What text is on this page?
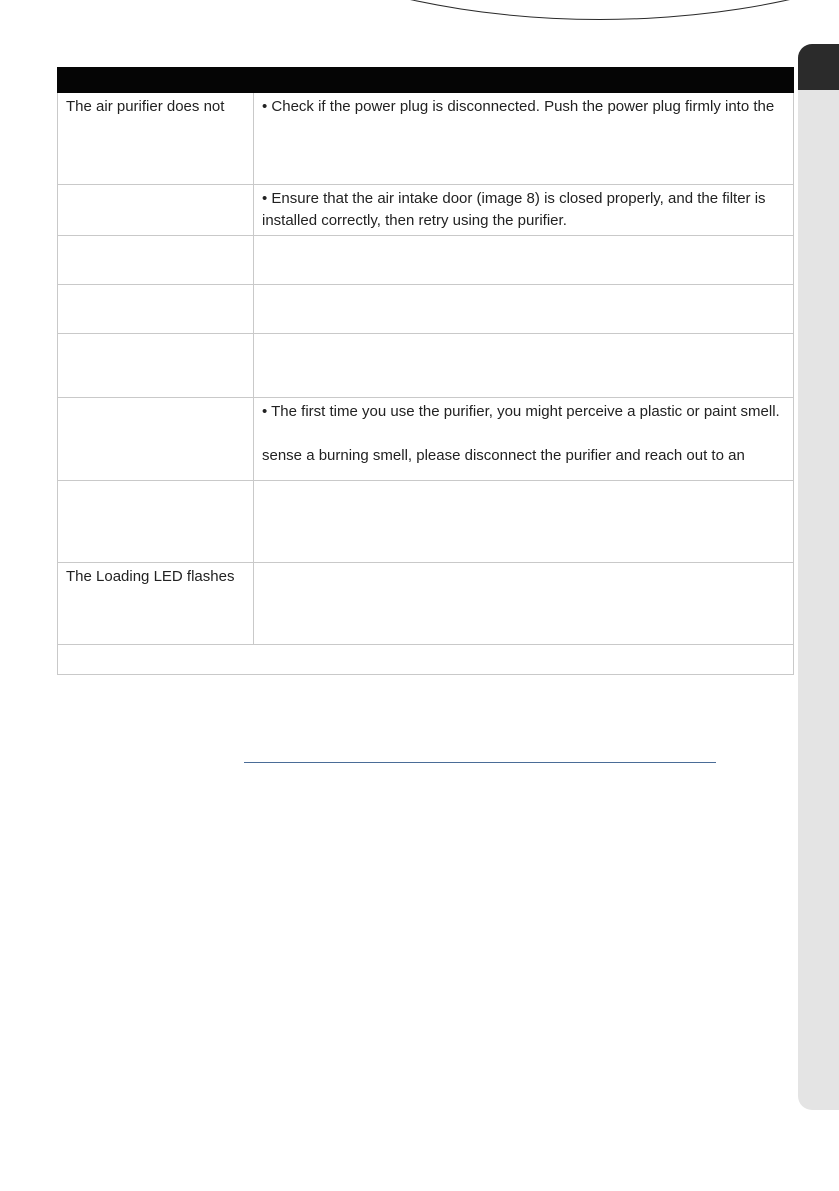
The air purifier does not	• Check if the power plug is disconnected. Push the power plug firmly into the

	• Ensure that the air intake door (image 8) is closed properly, and the filter is
installed correctly, then retry using the purifier.

	• The first time you use the purifier, you might perceive a plastic or paint smell.

sense a burning smell, please disconnect the purifier and reach out to an

The Loading LED flashes	
